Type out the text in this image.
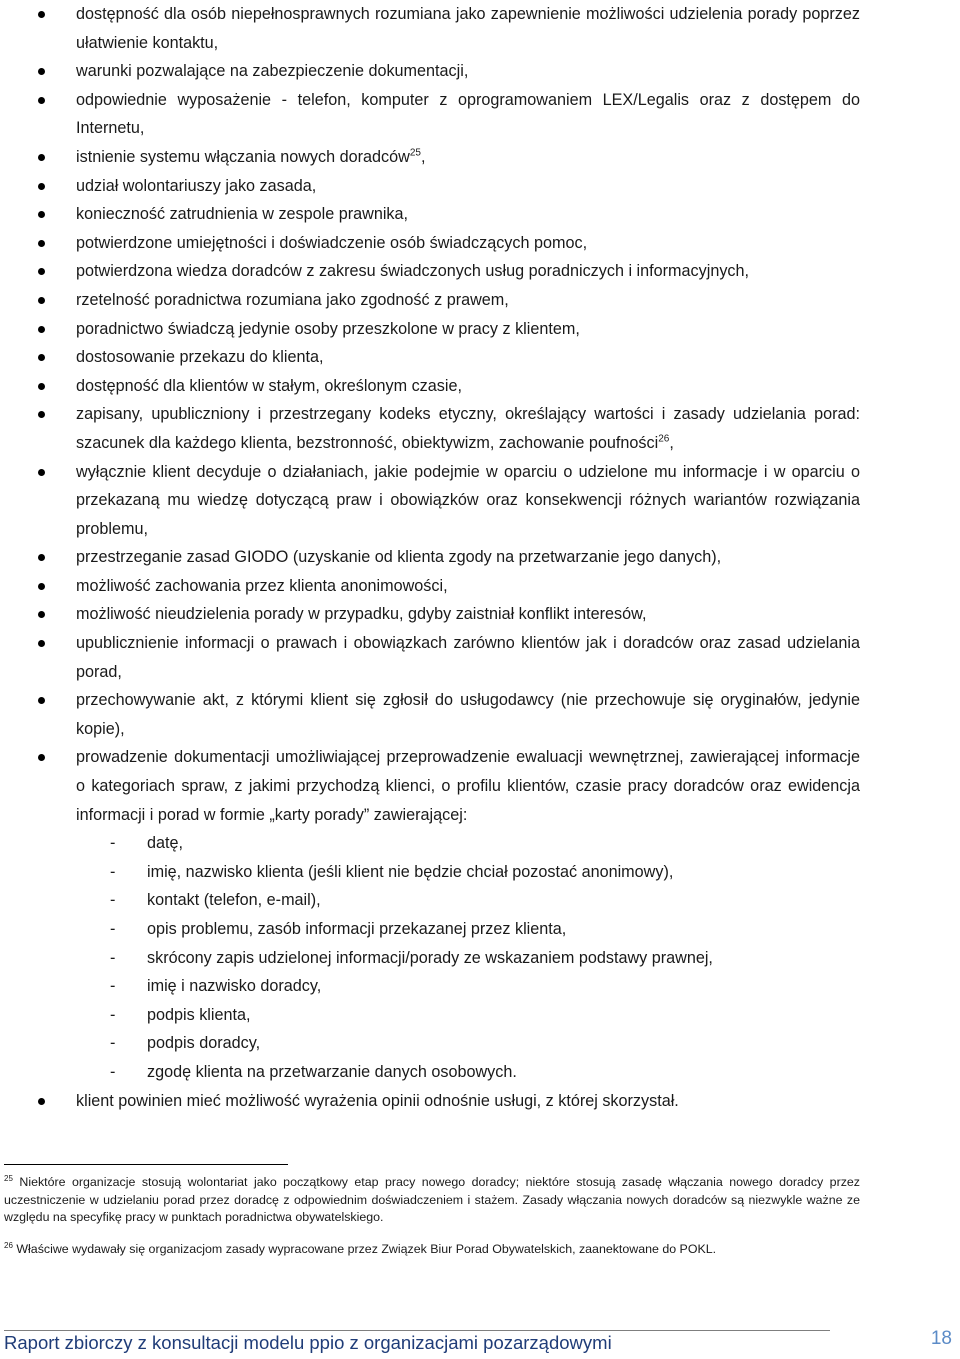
dostępność dla osób niepełnosprawnych rozumiana jako zapewnienie możliwości udzielenia porady poprzez ułatwienie kontaktu,
warunki pozwalające na zabezpieczenie dokumentacji,
odpowiednie wyposażenie - telefon, komputer z oprogramowaniem LEX/Legalis oraz z dostępem do Internetu,
istnienie systemu włączania nowych doradców$^{25}$,
udział wolontariuszy jako zasada,
konieczność zatrudnienia w zespole prawnika,
potwierdzone umiejętności i doświadczenie osób świadczących pomoc,
potwierdzona wiedza doradców z zakresu świadczonych usług poradniczych i informacyjnych,
rzetelność poradnictwa rozumiana jako zgodność z prawem,
poradnictwo świadczą jedynie osoby przeszkolone w pracy z klientem,
dostosowanie przekazu do klienta,
dostępność dla klientów w stałym, określonym czasie,
zapisany, upubliczniony i przestrzegany kodeks etyczny, określający wartości i zasady udzielania porad: szacunek dla każdego klienta, bezstronność, obiektywizm, zachowanie poufności$^{26}$,
wyłącznie klient decyduje o działaniach, jakie podejmie w oparciu o udzielone mu informacje i w oparciu o przekazaną mu wiedzę dotyczącą praw i obowiązków oraz konsekwencji różnych wariantów rozwiązania problemu,
przestrzeganie zasad GIODO (uzyskanie od klienta zgody na przetwarzanie jego danych),
możliwość zachowania przez klienta anonimowości,
możliwość nieudzielenia porady w przypadku, gdyby zaistniał konflikt interesów,
upublicznienie informacji o prawach i obowiązkach zarówno klientów jak i doradców oraz zasad udzielania porad,
przechowywanie akt, z którymi klient się zgłosił do usługodawcy (nie przechowuje się oryginałów, jedynie kopie),
prowadzenie dokumentacji umożliwiającej przeprowadzenie ewaluacji wewnętrznej, zawierającej informacje o kategoriach spraw, z jakimi przychodzą klienci, o profilu klientów, czasie pracy doradców oraz ewidencja informacji i porad w formie „karty porady” zawierającej:
- datę,
- imię, nazwisko klienta (jeśli klient nie będzie chciał pozostać anonimowy),
- kontakt (telefon, e-mail),
- opis problemu, zasób informacji przekazanej przez klienta,
- skrócony zapis udzielonej informacji/porady ze wskazaniem podstawy prawnej,
- imię i nazwisko doradcy,
- podpis klienta,
- podpis doradcy,
- zgodę klienta na przetwarzanie danych osobowych.
klient powinien mieć możliwość wyrażenia opinii odnośnie usługi, z której skorzystał.

$^{25}$ Niektóre organizacje stosują wolontariat jako początkowy etap pracy nowego doradcy; niektóre stosują zasadę włączania nowego doradcy przez uczestniczenie w udzielaniu porad przez doradcę z odpowiednim doświadczeniem i stażem. Zasady włączania nowych doradców są niezwykle ważne ze względu na specyfikę pracy w punktach poradnictwa obywatelskiego.

$^{26}$ Właściwe wydawały się organizacjom zasady wypracowane przez Związek Biur Porad Obywatelskich, zaanektowane do POKL.

Raport zbiorczy z konsultacji modelu ppio z organizacjami pozarządowymi	18
